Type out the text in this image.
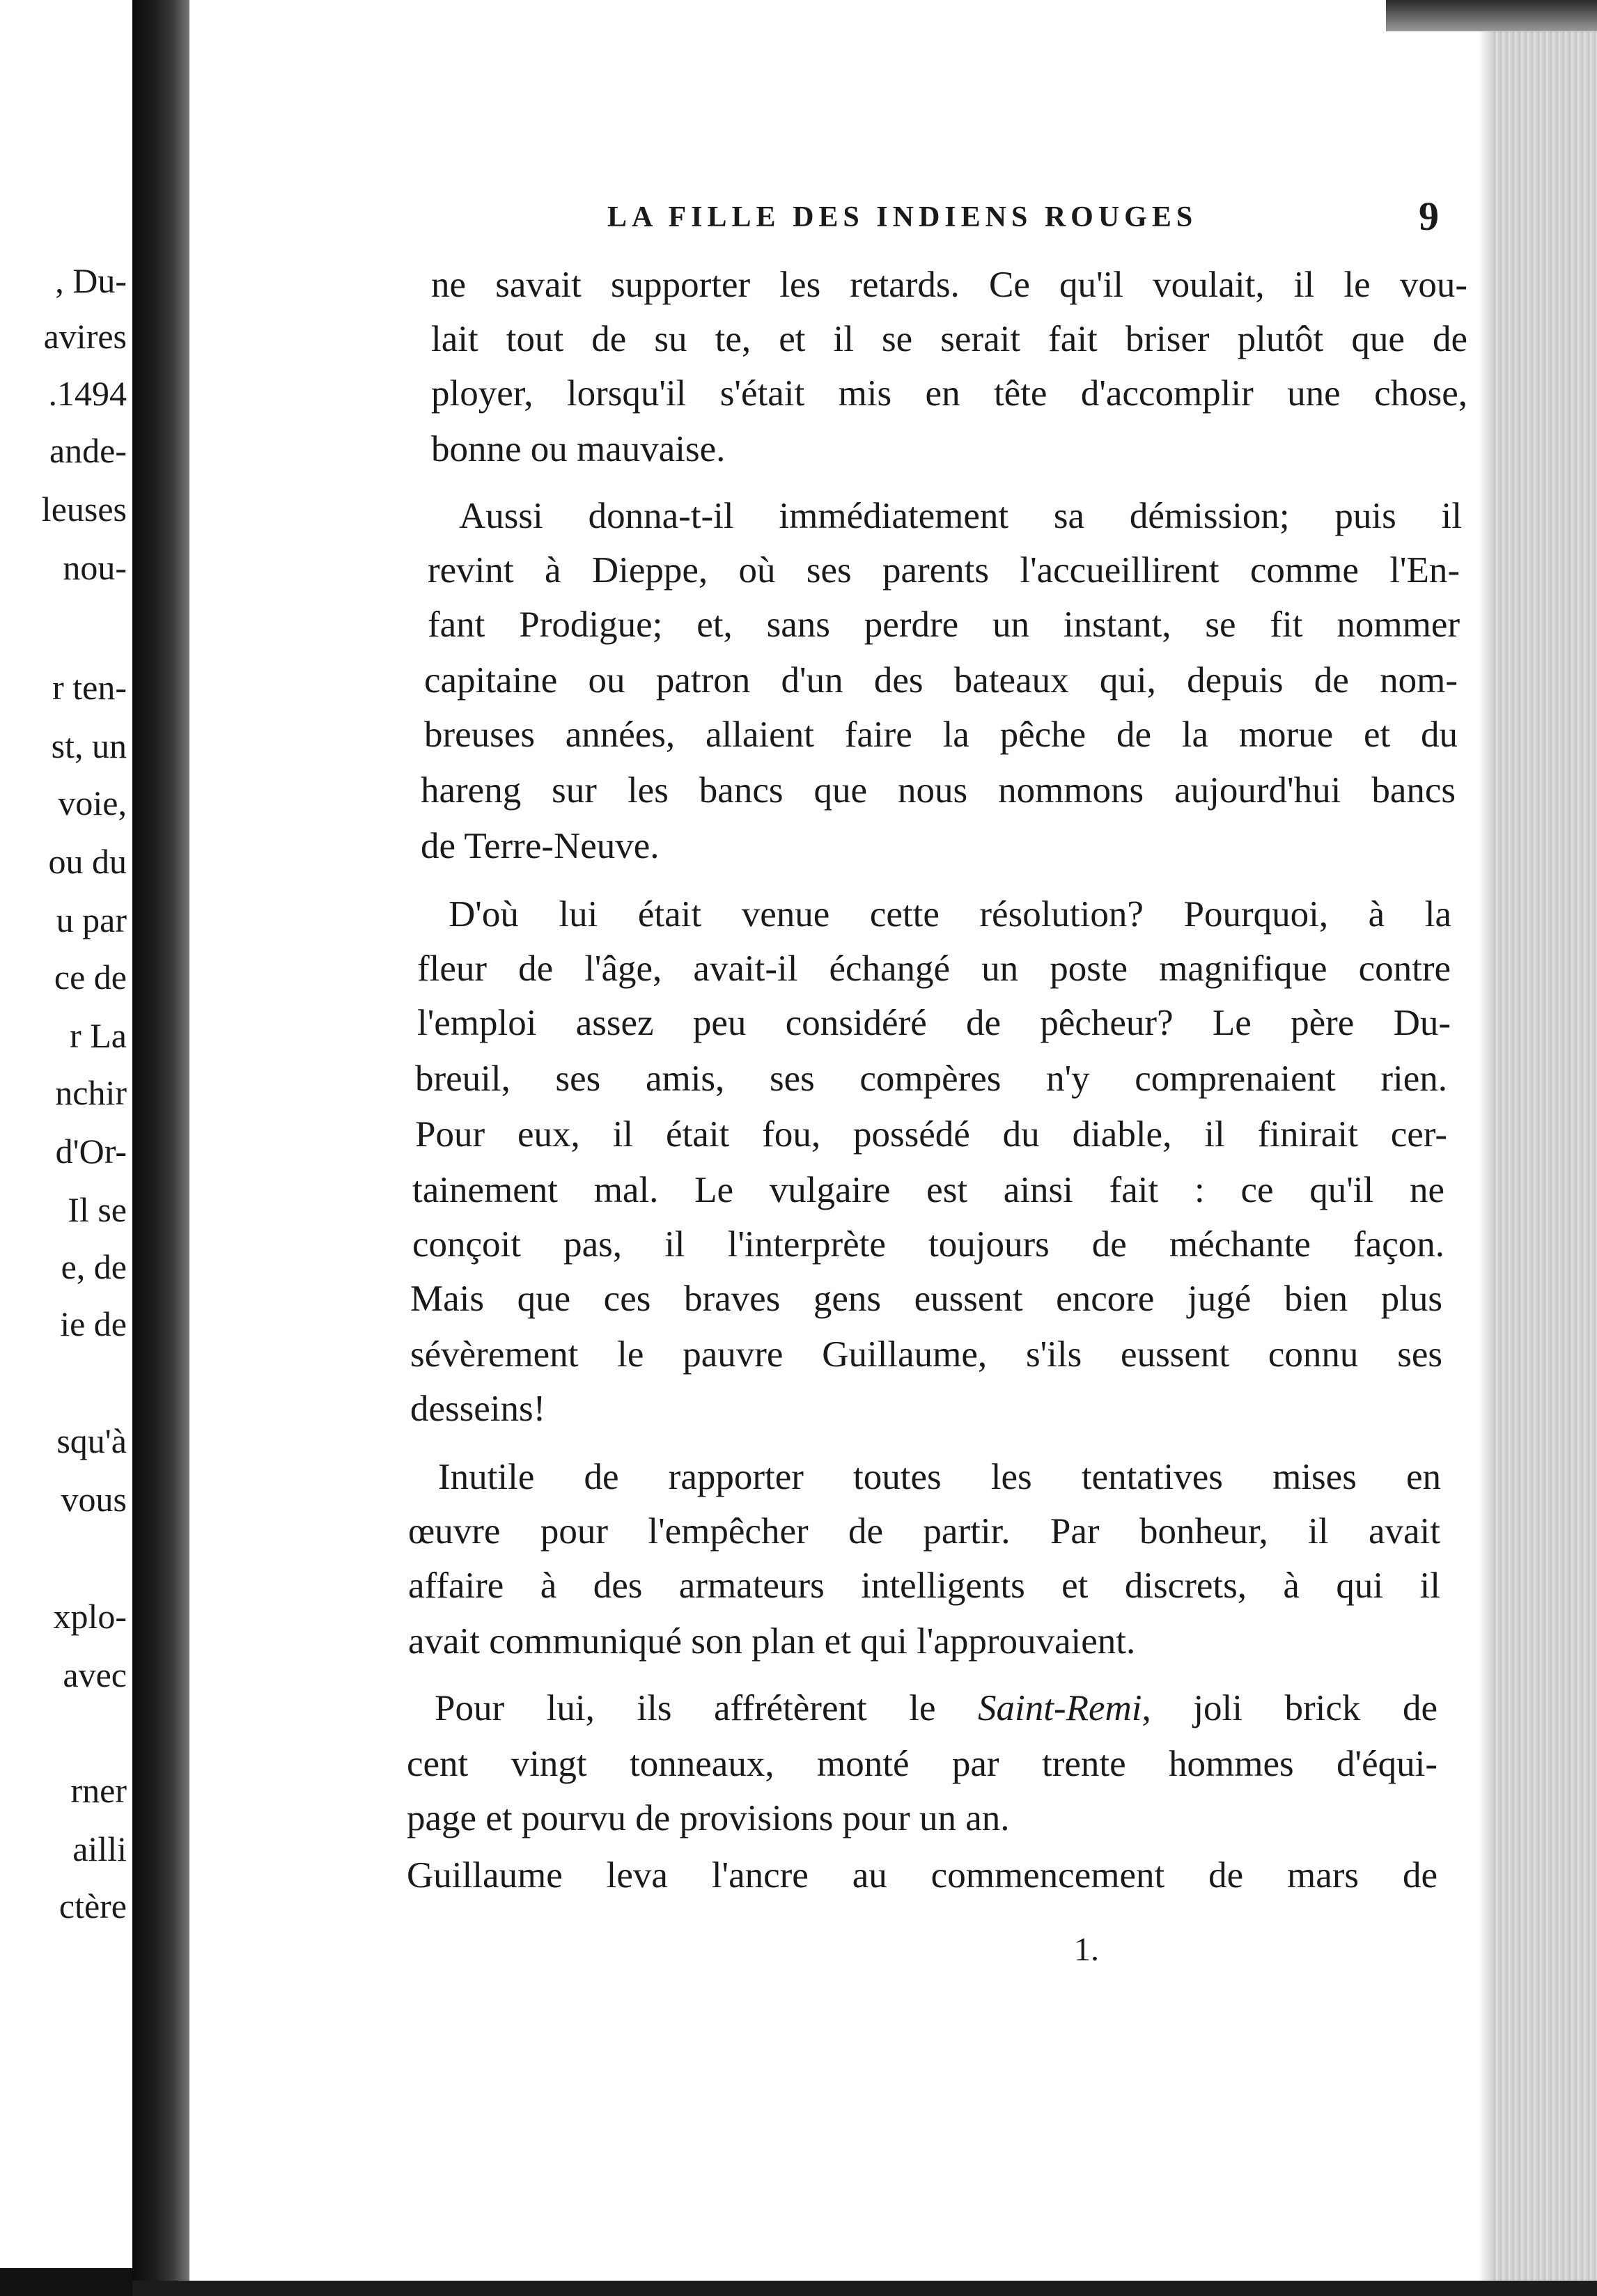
, Du-
avires
.1494
ande-
leuses
nou-
r ten-
st, un
voie,
ou du
u par
ce de
r La
nchir
d'Or-
Il se
e, de
ie de
squ'à
vous
xplo-
avec
rner
ailli
ctère
LA FILLE DES INDIENS ROUGES	9
ne savait supporter les retards. Ce qu'il voulait, il le vou-
lait tout de su te, et il se serait fait briser plutôt que de
ployer, lorsqu'il s'était mis en tête d'accomplir une chose,
bonne ou mauvaise.
Aussi donna-t-il immédiatement sa démission; puis il
revint à Dieppe, où ses parents l'accueillirent comme l'En-
fant Prodigue; et, sans perdre un instant, se fit nommer
capitaine ou patron d'un des bateaux qui, depuis de nom-
breuses années, allaient faire la pêche de la morue et du
hareng sur les bancs que nous nommons aujourd'hui bancs
de Terre-Neuve.
D'où lui était venue cette résolution? Pourquoi, à la
fleur de l'âge, avait-il échangé un poste magnifique contre
l'emploi assez peu considéré de pêcheur? Le père Du-
breuil, ses amis, ses compères n'y comprenaient rien.
Pour eux, il était fou, possédé du diable, il finirait cer-
tainement mal. Le vulgaire est ainsi fait : ce qu'il ne
conçoit pas, il l'interprète toujours de méchante façon.
Mais que ces braves gens eussent encore jugé bien plus
sévèrement le pauvre Guillaume, s'ils eussent connu ses
desseins!
Inutile de rapporter toutes les tentatives mises en
œuvre pour l'empêcher de partir. Par bonheur, il avait
affaire à des armateurs intelligents et discrets, à qui il
avait communiqué son plan et qui l'approuvaient.
Pour lui, ils affrétèrent le Saint-Remi, joli brick de
cent vingt tonneaux, monté par trente hommes d'équi-
page et pourvu de provisions pour un an.
Guillaume leva l'ancre au commencement de mars de
1.
